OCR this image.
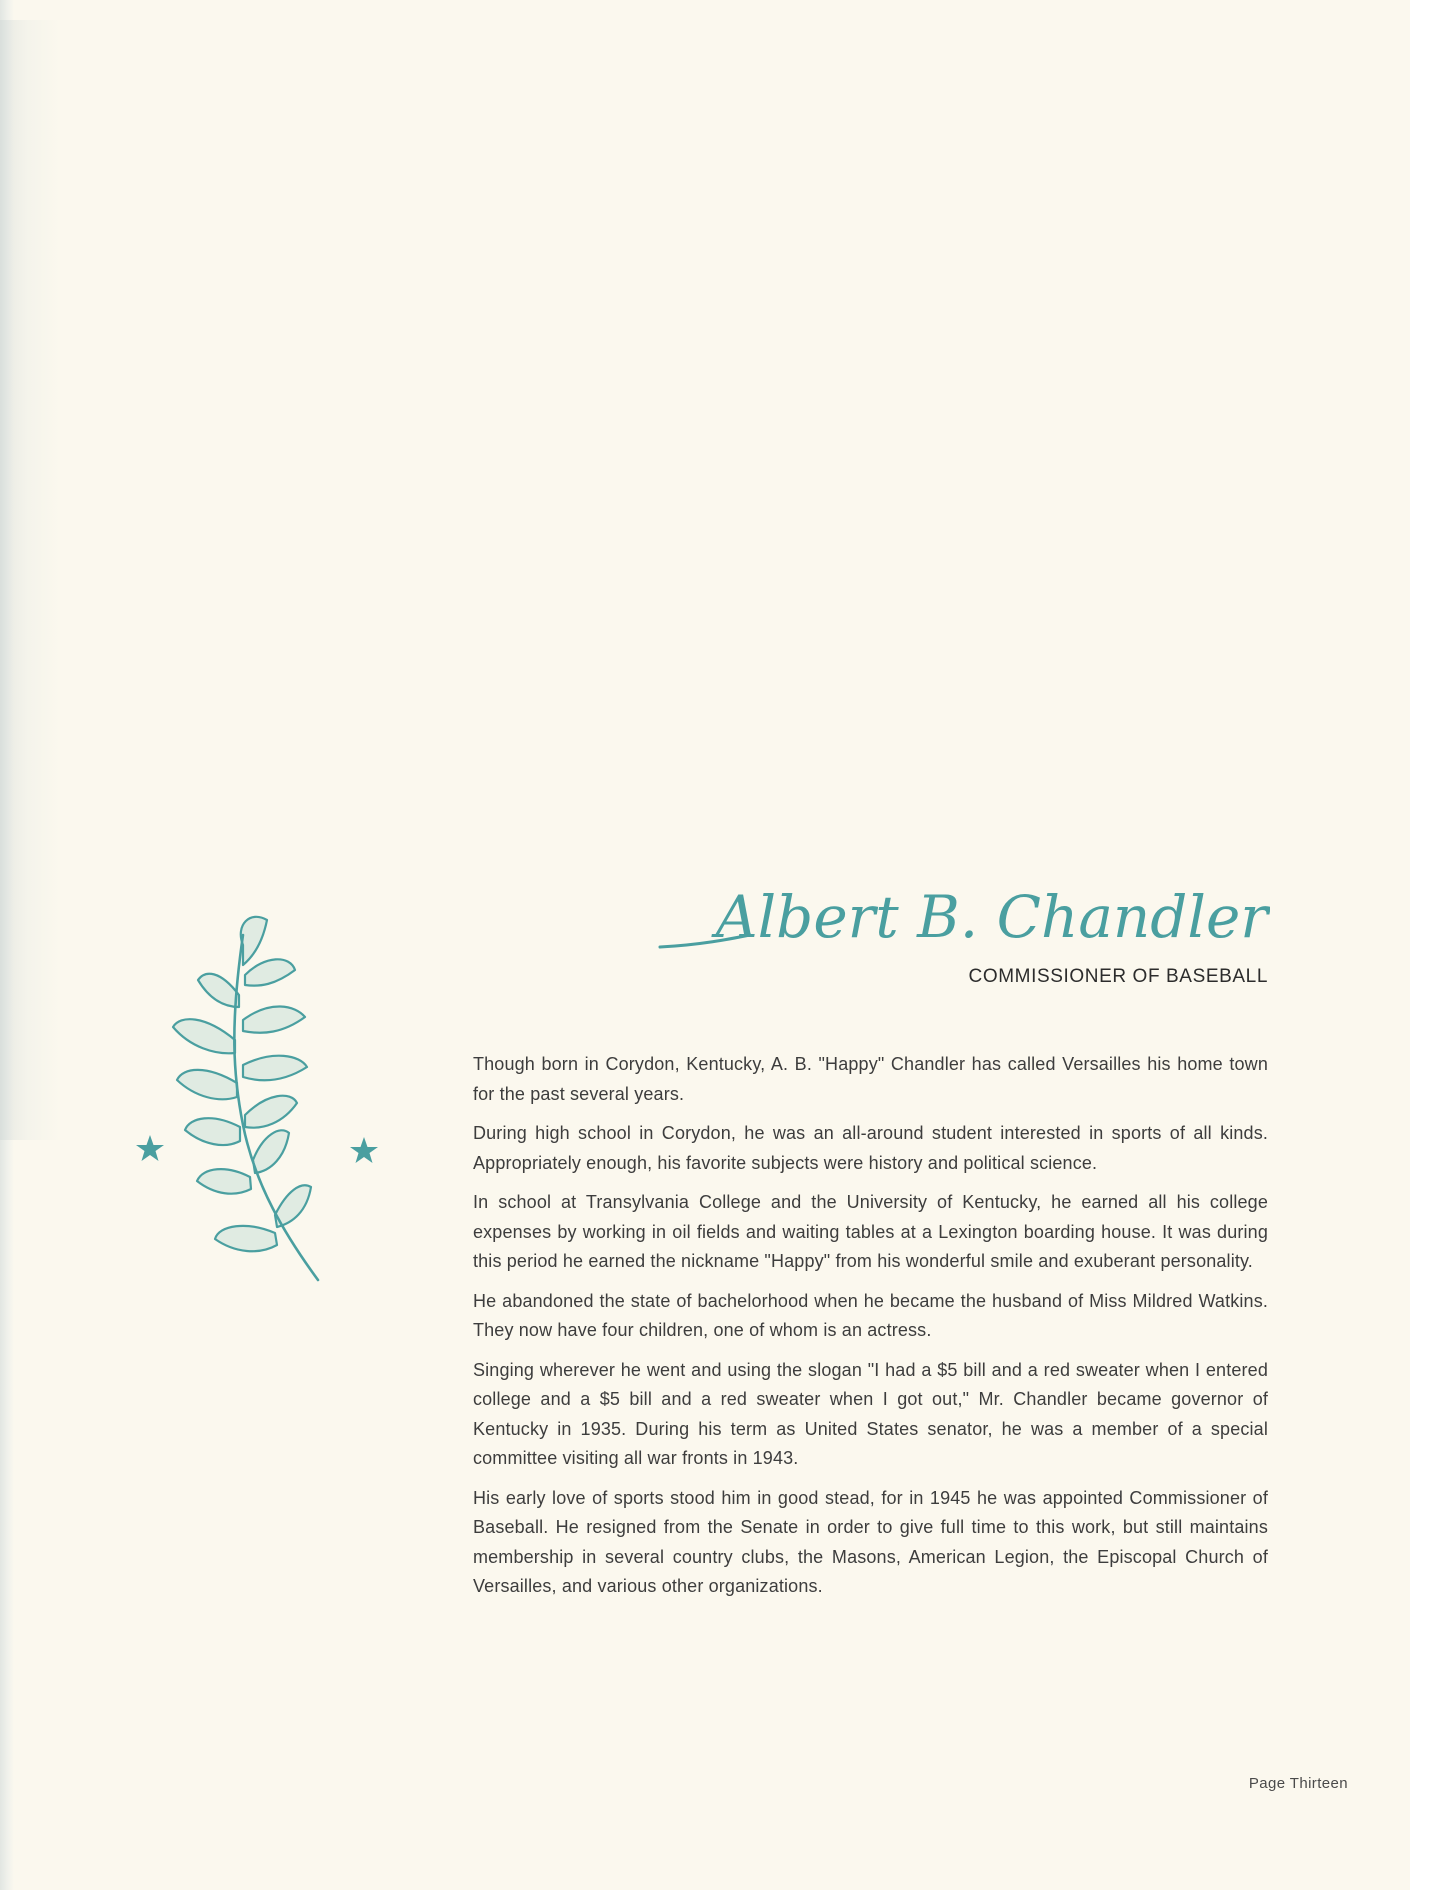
Albert B. Chandler
COMMISSIONER OF BASEBALL

Though born in Corydon, Kentucky, A. B. "Happy" Chandler has called Versailles his home town for the past several years.

During high school in Corydon, he was an all-around student interested in sports of all kinds. Appropriately enough, his favorite subjects were history and political science.

In school at Transylvania College and the University of Kentucky, he earned all his college expenses by working in oil fields and waiting tables at a Lexington boarding house. It was during this period he earned the nickname "Happy" from his wonderful smile and exuberant personality.

He abandoned the state of bachelorhood when he became the husband of Miss Mildred Watkins. They now have four children, one of whom is an actress.

Singing wherever he went and using the slogan "I had a $5 bill and a red sweater when I entered college and a $5 bill and a red sweater when I got out," Mr. Chandler became governor of Kentucky in 1935. During his term as United States senator, he was a member of a special committee visiting all war fronts in 1943.

His early love of sports stood him in good stead, for in 1945 he was appointed Commissioner of Baseball. He resigned from the Senate in order to give full time to this work, but still maintains membership in several country clubs, the Masons, American Legion, the Episcopal Church of Versailles, and various other organizations.

Page Thirteen
